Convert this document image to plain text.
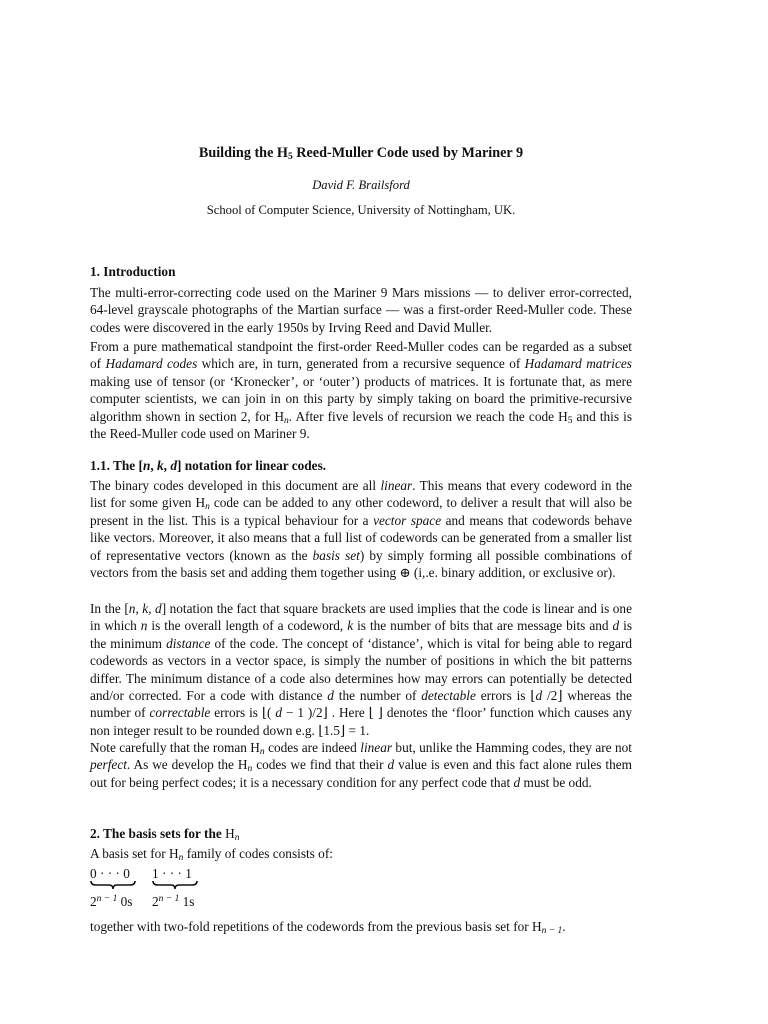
Building the $H_5$ Reed-Muller Code used by Mariner 9
David F. Brailsford
School of Computer Science, University of Nottingham, UK.
1. Introduction

The multi-error-correcting code used on the Mariner 9 Mars missions — to deliver error-corrected, 64-level grayscale photographs of the Martian surface — was a first-order Reed-Muller code. These codes were discovered in the early 1950s by Irving Reed and David Muller.

From a pure mathematical standpoint the first-order Reed-Muller codes can be regarded as a subset of Hadamard codes which are, in turn, generated from a recursive sequence of Hadamard matrices making use of tensor (or ‘Kronecker’, or ‘outer’) products of matrices. It is fortunate that, as mere computer scientists, we can join in on this party by simply taking on board the primitive-recursive algorithm shown in section 2, for $H_n$. After five levels of recursion we reach the code $H_5$ and this is the Reed-Muller code used on Mariner 9.

1.1. The [n, k, d] notation for linear codes.

The binary codes developed in this document are all linear. This means that every codeword in the list for some given $H_n$ code can be added to any other codeword, to deliver a result that will also be present in the list. This is a typical behaviour for a vector space and means that codewords behave like vectors. Moreover, it also means that a full list of codewords can be generated from a smaller list of representative vectors (known as the basis set) by simply forming all possible combinations of vectors from the basis set and adding them together using ⊕ (i,.e. binary addition, or exclusive or).

In the [n, k, d] notation the fact that square brackets are used implies that the code is linear and is one in which n is the overall length of a codeword, k is the number of bits that are message bits and d is the minimum distance of the code. The concept of ‘distance’, which is vital for being able to regard codewords as vectors in a vector space, is simply the number of positions in which the bit patterns differ. The minimum distance of a code also determines how may errors can potentially be detected and/or corrected. For a code with distance d the number of detectable errors is ⌊d /2⌋ whereas the number of correctable errors is ⌊( d − 1 )/2⌋ . Here ⌊ ⌋ denotes the ‘floor’ function which causes any non integer result to be rounded down e.g. ⌊1.5⌋ = 1.

Note carefully that the roman $H_n$ codes are indeed linear but, unlike the Hamming codes, they are not perfect. As we develop the $H_n$ codes we find that their d value is even and this fact alone rules them out for being perfect codes; it is a necessary condition for any perfect code that d must be odd.

2. The basis sets for the $H_n$

A basis set for $H_n$ family of codes consists of:

0 · · · 0
$2^{n - 1}$ 0s
1 · · · 1
$2^{n - 1}$ 1s

together with two-fold repetitions of the codewords from the previous basis set for $H_{n - 1}$.
